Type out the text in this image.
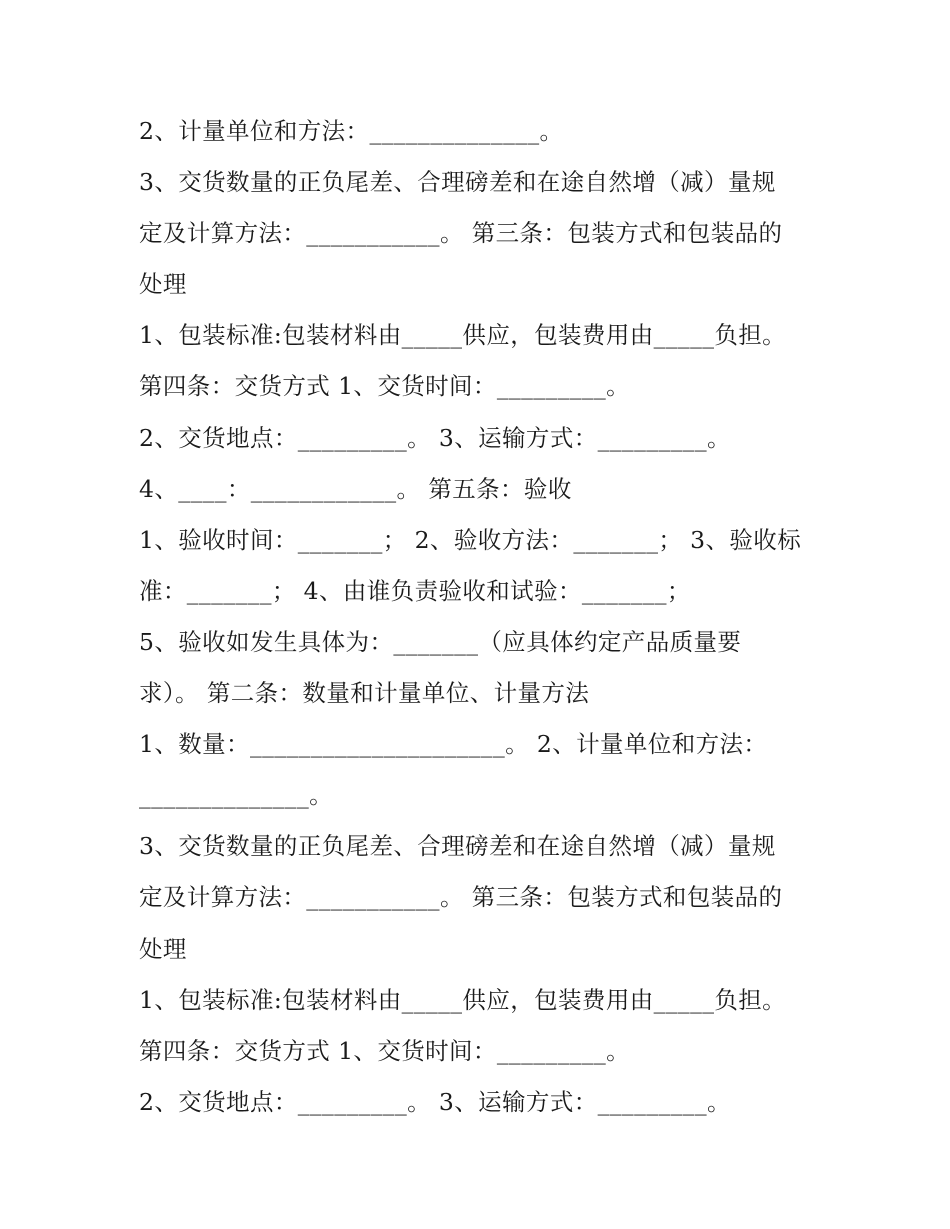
2、计量单位和方法：______________。
3、交货数量的正负尾差、合理磅差和在途自然增（减）量规
定及计算方法：___________。 第三条：包装方式和包装品的
处理
1、包装标准:包装材料由_____供应，包装费用由_____负担。
第四条：交货方式 1、交货时间：_________。
2、交货地点：_________。 3、运输方式：_________。
4、____：____________。 第五条：验收
1、验收时间：_______； 2、验收方法：_______； 3、验收标
准：_______； 4、由谁负责验收和试验：_______；
5、验收如发生具体为：_______（应具体约定产品质量要
求）。 第二条：数量和计量单位、计量方法
1、数量：_____________________。 2、计量单位和方法：
______________。
3、交货数量的正负尾差、合理磅差和在途自然增（减）量规
定及计算方法：___________。 第三条：包装方式和包装品的
处理
1、包装标准:包装材料由_____供应，包装费用由_____负担。
第四条：交货方式 1、交货时间：_________。
2、交货地点：_________。 3、运输方式：_________。
